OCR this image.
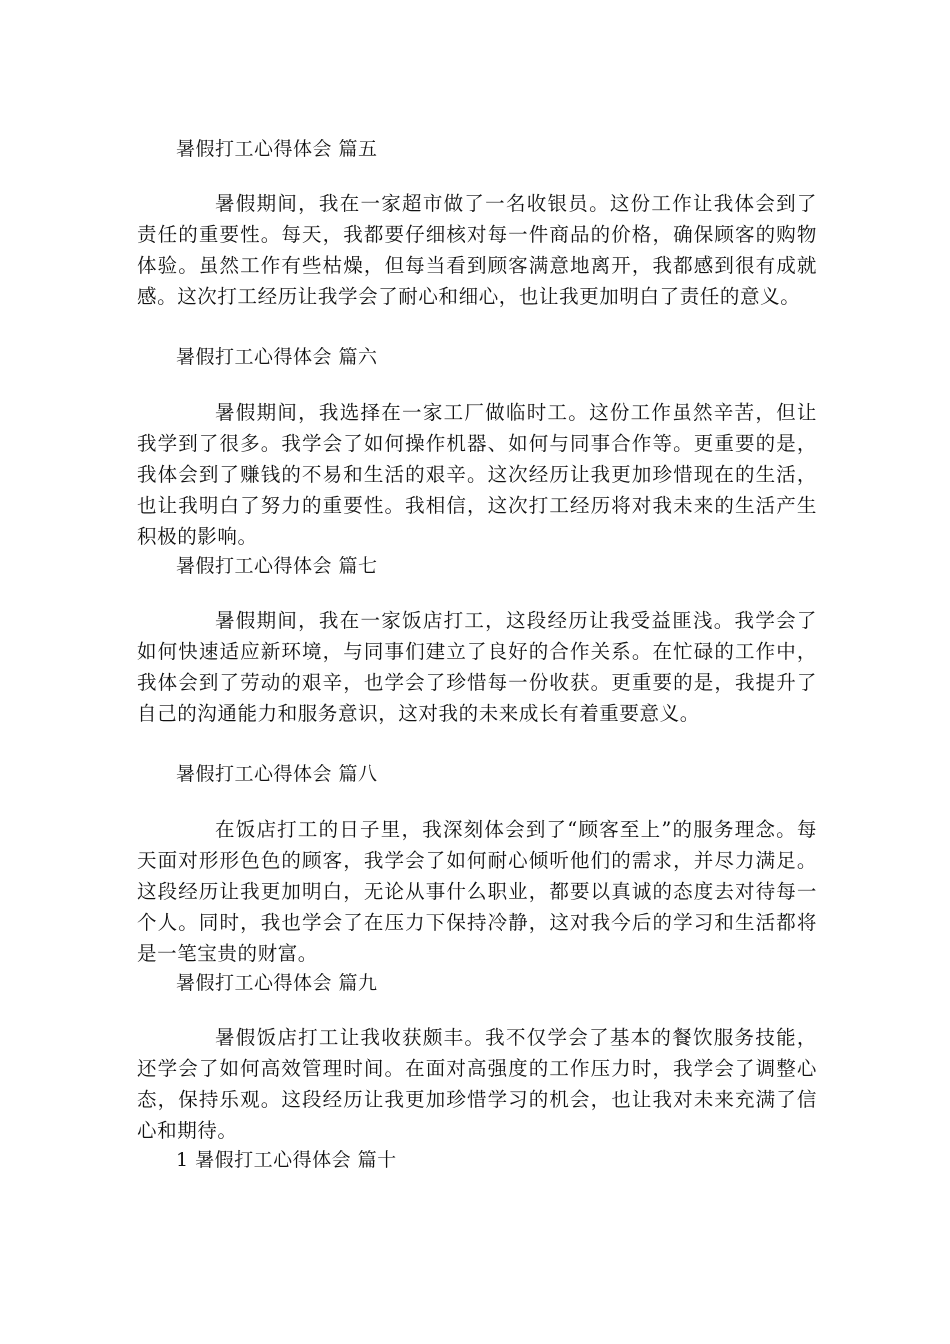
暑假打工心得体会 篇五
暑假期间，我在一家超市做了一名收银员。这份工作让我体会到了责任的重要性。每天，我都要仔细核对每一件商品的价格，确保顾客的购物体验。虽然工作有些枯燥，但每当看到顾客满意地离开，我都感到很有成就感。这次打工经历让我学会了耐心和细心，也让我更加明白了责任的意义。
暑假打工心得体会 篇六
暑假期间，我选择在一家工厂做临时工。这份工作虽然辛苦，但让我学到了很多。我学会了如何操作机器、如何与同事合作等。更重要的是，我体会到了赚钱的不易和生活的艰辛。这次经历让我更加珍惜现在的生活，也让我明白了努力的重要性。我相信，这次打工经历将对我未来的生活产生积极的影响。
暑假打工心得体会 篇七
暑假期间，我在一家饭店打工，这段经历让我受益匪浅。我学会了如何快速适应新环境，与同事们建立了良好的合作关系。在忙碌的工作中，我体会到了劳动的艰辛，也学会了珍惜每一份收获。更重要的是，我提升了自己的沟通能力和服务意识，这对我的未来成长有着重要意义。
暑假打工心得体会 篇八
在饭店打工的日子里，我深刻体会到了“顾客至上”的服务理念。每天面对形形色色的顾客，我学会了如何耐心倾听他们的需求，并尽力满足。这段经历让我更加明白，无论从事什么职业，都要以真诚的态度去对待每一个人。同时，我也学会了在压力下保持冷静，这对我今后的学习和生活都将是一笔宝贵的财富。
暑假打工心得体会 篇九
暑假饭店打工让我收获颇丰。我不仅学会了基本的餐饮服务技能，还学会了如何高效管理时间。在面对高强度的工作压力时，我学会了调整心态，保持乐观。这段经历让我更加珍惜学习的机会，也让我对未来充满了信心和期待。
1 暑假打工心得体会 篇十
